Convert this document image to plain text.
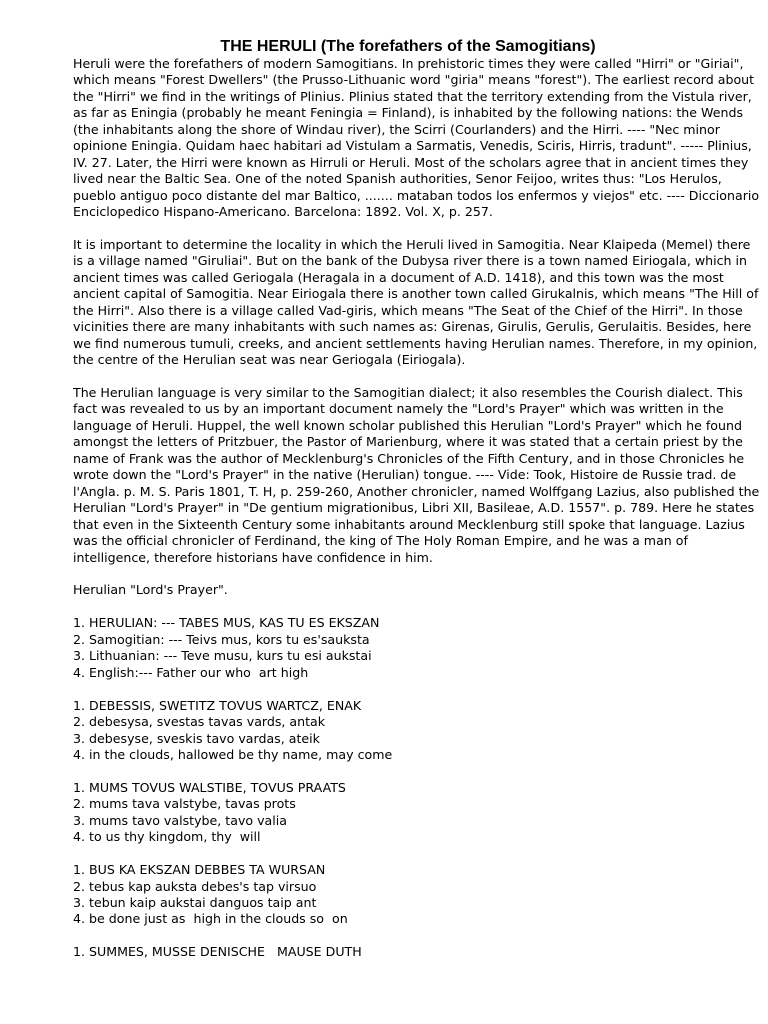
THE HERULI (The forefathers of the Samogitians)

Heruli were the forefathers of modern Samogitians. In prehistoric times they were called "Hirri" or "Giriai", which means "Forest Dwellers" (the Prusso-Lithuanic word "giria" means "forest"). The earliest record about the "Hirri" we find in the writings of Plinius. Plinius stated that the territory extending from the Vistula river, as far as Eningia (probably he meant Feningia = Finland), is inhabited by the following nations: the Wends (the inhabitants along the shore of Windau river), the Scirri (Courlanders) and the Hirri. ---- "Nec minor opinione Eningia. Quidam haec habitari ad Vistulam a Sarmatis, Venedis, Sciris, Hirris, tradunt". ----- Plinius, IV. 27. Later, the Hirri were known as Hirruli or Heruli. Most of the scholars agree that in ancient times they lived near the Baltic Sea. One of the noted Spanish authorities, Senor Feijoo, writes thus: "Los Herulos, pueblo antiguo poco distante del mar Baltico, ....... mataban todos los enfermos y viejos" etc. ---- Diccionario Enciclopedico Hispano-Americano. Barcelona: 1892. Vol. X, p. 257.

It is important to determine the locality in which the Heruli lived in Samogitia. Near Klaipeda (Memel) there is a village named "Giruliai". But on the bank of the Dubysa river there is a town named Eiriogala, which in ancient times was called Geriogala (Heragala in a document of A.D. 1418), and this town was the most ancient capital of Samogitia. Near Eiriogala there is another town called Girukalnis, which means "The Hill of the Hirri". Also there is a village called Vad-giris, which means "The Seat of the Chief of the Hirri". In those vicinities there are many inhabitants with such names as: Girenas, Girulis, Gerulis, Gerulaitis. Besides, here we find numerous tumuli, creeks, and ancient settlements having Herulian names. Therefore, in my opinion, the centre of the Herulian seat was near Geriogala (Eiriogala).

The Herulian language is very similar to the Samogitian dialect; it also resembles the Courish dialect. This fact was revealed to us by an important document namely the "Lord's Prayer" which was written in the language of Heruli. Huppel, the well known scholar published this Herulian "Lord's Prayer" which he found amongst the letters of Pritzbuer, the Pastor of Marienburg, where it was stated that a certain priest by the name of Frank was the author of Mecklenburg's Chronicles of the Fifth Century, and in those Chronicles he wrote down the "Lord's Prayer" in the native (Herulian) tongue. ---- Vide: Took, Histoire de Russie trad. de l'Angla. p. M. S. Paris 1801, T. H, p. 259-260, Another chronicler, named Wolffgang Lazius, also published the Herulian "Lord's Prayer" in "De gentium migrationibus, Libri XII, Basileae, A.D. 1557". p. 789. Here he states that even in the Sixteenth Century some inhabitants around Mecklenburg still spoke that language. Lazius was the official chronicler of Ferdinand, the king of The Holy Roman Empire, and he was a man of intelligence, therefore historians have confidence in him.

Herulian "Lord's Prayer".

1. HERULIAN: --- TABES MUS, KAS TU ES EKSZAN
2. Samogitian: --- Teivs mus, kors tu es'sauksta
3. Lithuanian: --- Teve musu, kurs tu esi aukstai
4. English:--- Father our who  art high
1. DEBESSIS, SWETITZ TOVUS WARTCZ, ENAK
2. debesysa, svestas tavas vards, antak
3. debesyse, sveskis tavo vardas, ateik
4. in the clouds, hallowed be thy name, may come
1. MUMS TOVUS WALSTIBE, TOVUS PRAATS
2. mums tava valstybe, tavas prots
3. mums tavo valstybe, tavo valia
4. to us thy kingdom, thy  will
1. BUS KA EKSZAN DEBBES TA WURSAN
2. tebus kap auksta debes's tap virsuo
3. tebun kaip aukstai danguos taip ant
4. be done just as  high in the clouds so  on
1. SUMMES, MUSSE DENISCHE   MAUSE DUTH
